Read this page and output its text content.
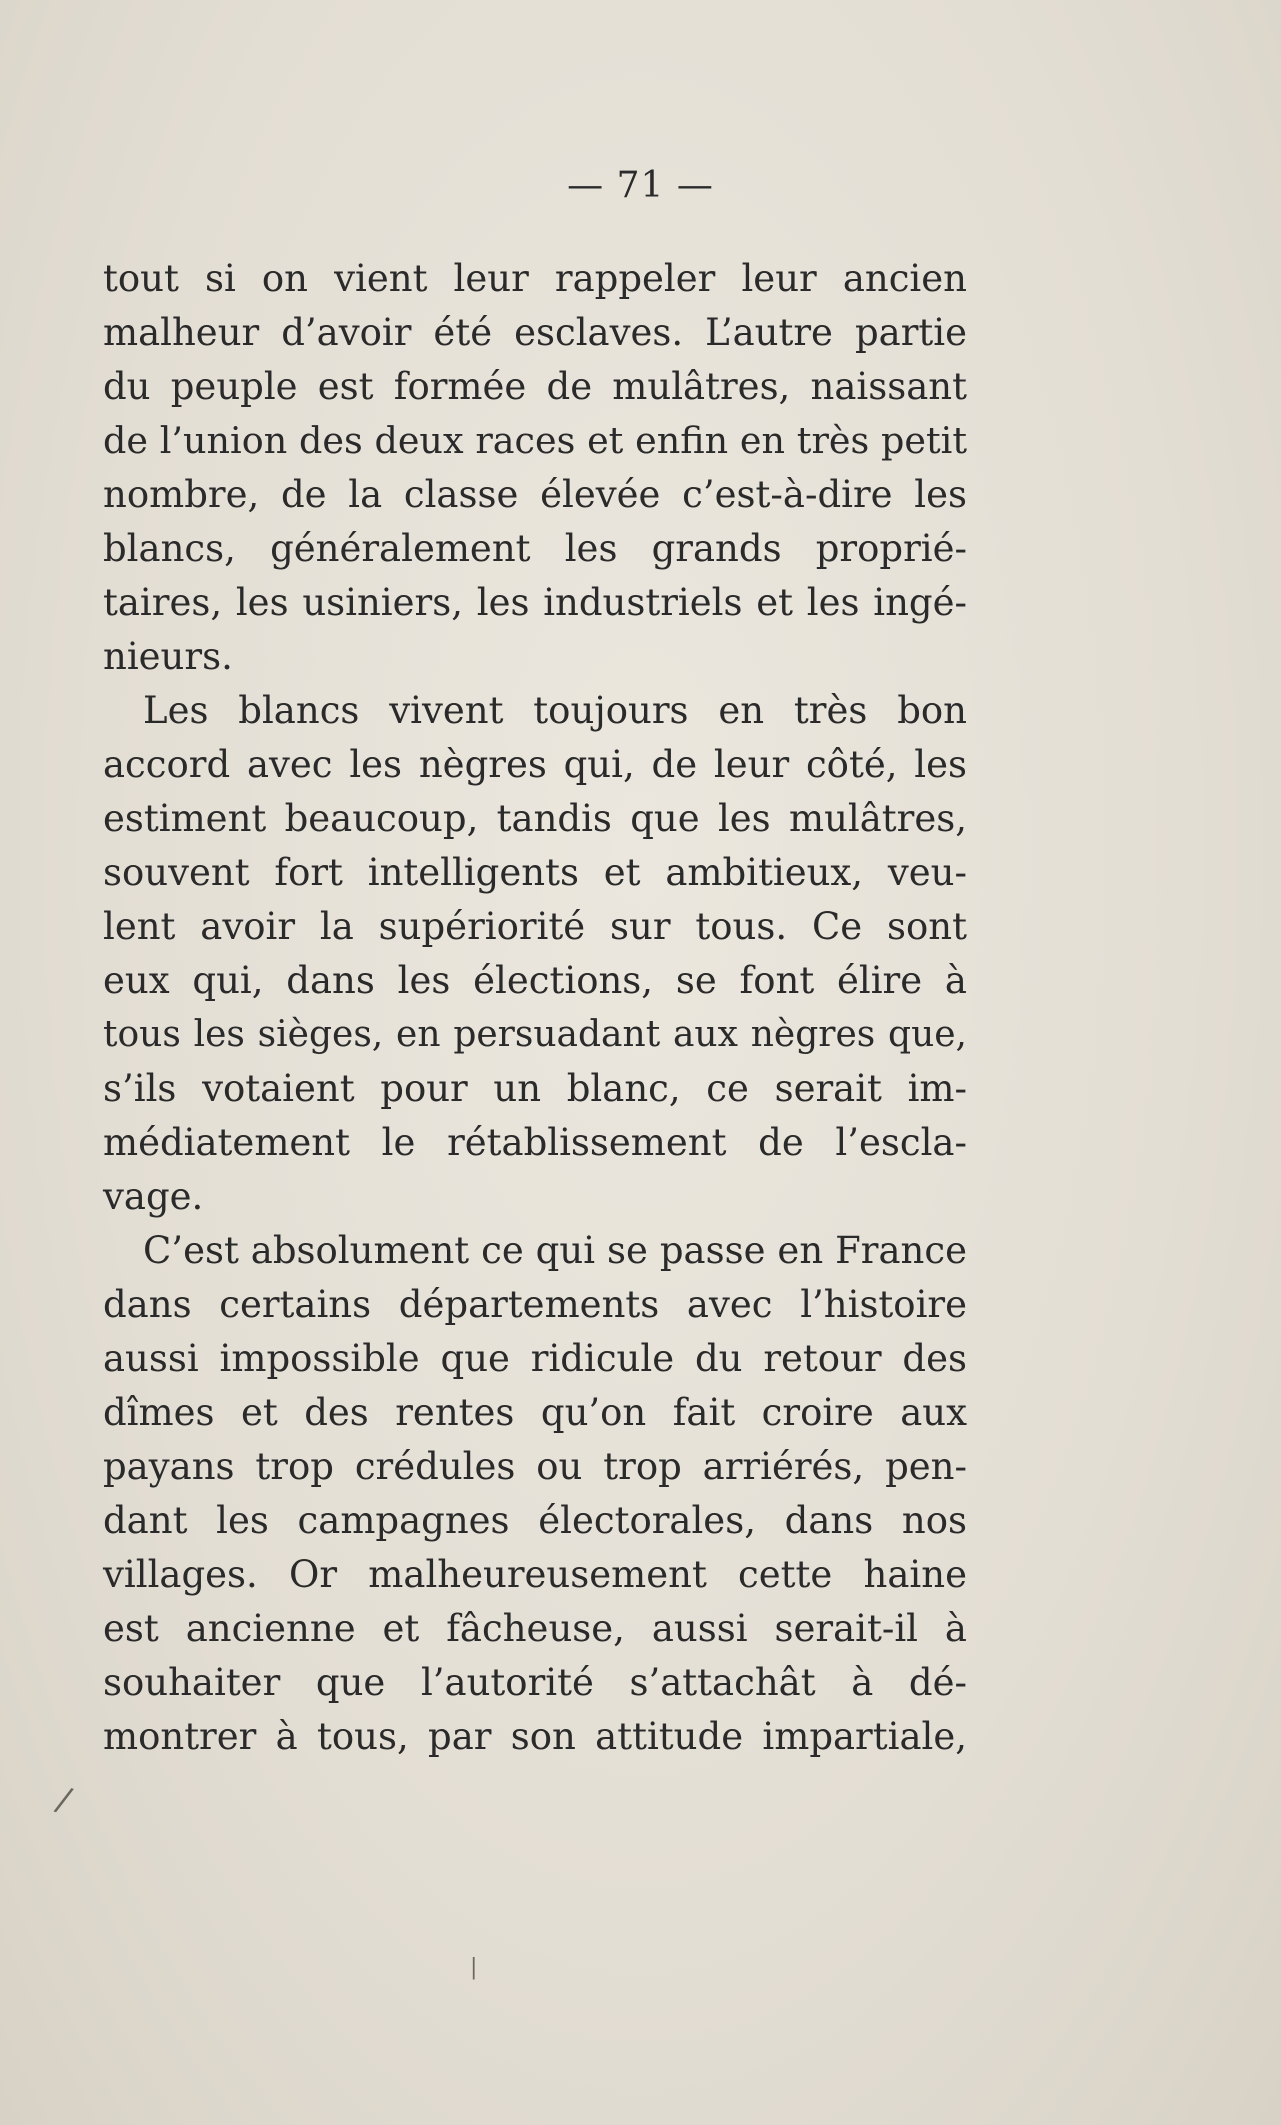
— 71 —
tout si on vient leur rappeler leur ancien
malheur d’avoir été esclaves. L’autre partie
du peuple est formée de mulâtres, naissant
de l’union des deux races et enfin en très petit
nombre, de la classe élevée c’est-à-dire les
blancs, généralement les grands proprié-
taires, les usiniers, les industriels et les ingé-
nieurs.
Les blancs vivent toujours en très bon
accord avec les nègres qui, de leur côté, les
estiment beaucoup, tandis que les mulâtres,
souvent fort intelligents et ambitieux, veu-
lent avoir la supériorité sur tous. Ce sont
eux qui, dans les élections, se font élire à
tous les sièges, en persuadant aux nègres que,
s’ils votaient pour un blanc, ce serait im-
médiatement le rétablissement de l’escla-
vage.
C’est absolument ce qui se passe en France
dans certains départements avec l’histoire
aussi impossible que ridicule du retour des
dîmes et des rentes qu’on fait croire aux
payans trop crédules ou trop arriérés, pen-
dant les campagnes électorales, dans nos
villages. Or malheureusement cette haine
est ancienne et fâcheuse, aussi serait-il à
souhaiter que l’autorité s’attachât à dé-
montrer à tous, par son attitude impartiale,
|
/
